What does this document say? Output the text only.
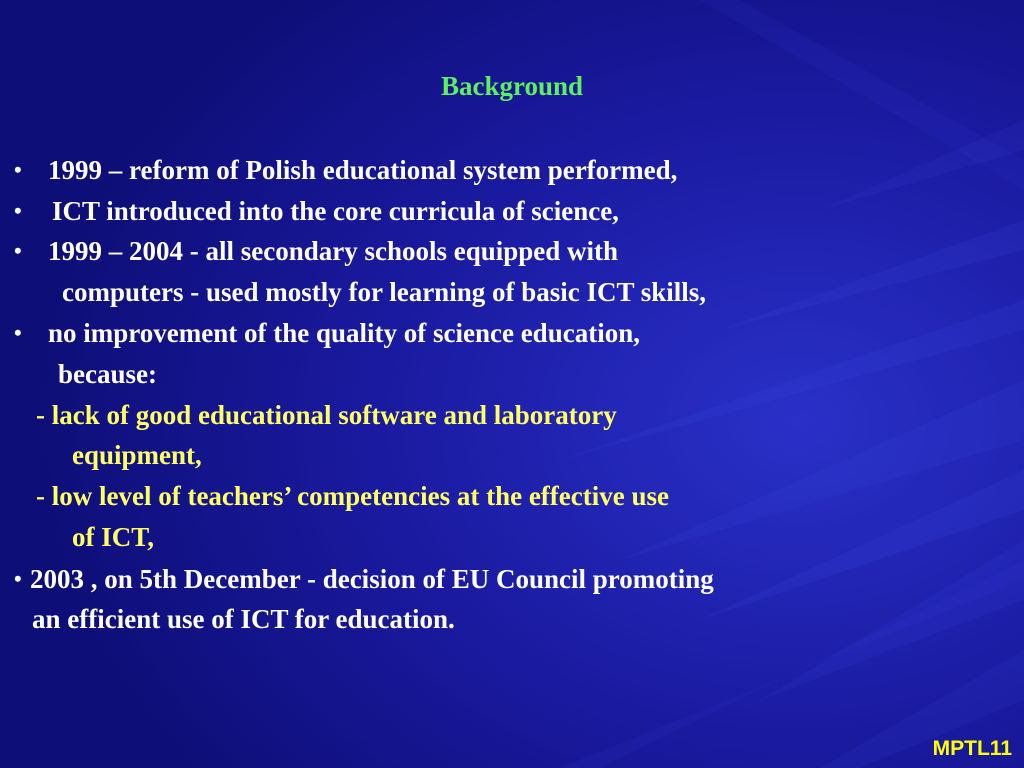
Background
• 1999 – reform of Polish educational system performed,
• ICT introduced into the core curricula of science,
• 1999 – 2004 - all secondary schools equipped with
computers - used mostly for learning of basic ICT skills,
• no improvement of the quality of science education,
because:
- lack of good educational software and laboratory
equipment,
- low level of teachers’ competencies at the effective use
of ICT,
• 2003 , on 5th December - decision of EU Council promoting
an efficient use of ICT for education.
MPTL11
